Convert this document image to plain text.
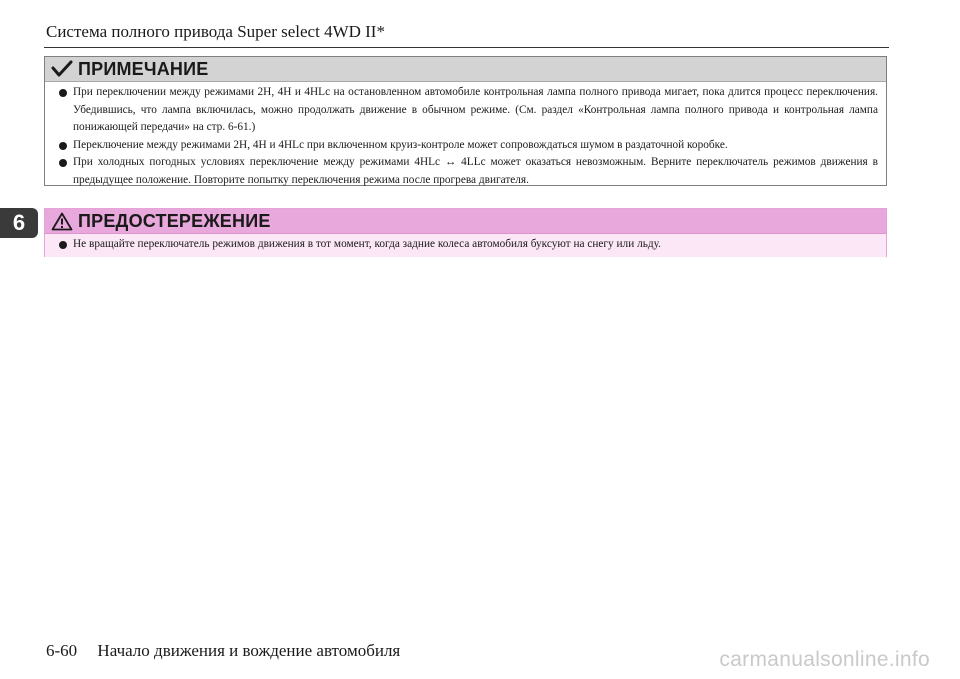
Система полного привода Super select 4WD II*
6
ПРИМЕЧАНИЕ
При переключении между режимами 2H, 4H и 4HLc на остановленном автомобиле контрольная лампа полного привода мигает, пока длится процесс переключения. Убедившись, что лампа включилась, можно продолжать движение в обычном режиме. (См. раздел «Контрольная лампа полного привода и контрольная лампа понижающей передачи» на стр. 6-61.)
Переключение между режимами 2H, 4H и 4HLc при включенном круиз-контроле может сопровождаться шумом в раздаточной коробке.
При холодных погодных условиях переключение между режимами 4HLc ↔ 4LLc может оказаться невозможным. Верните переключатель режимов движения в предыдущее положение. Повторите попытку переключения режима после прогрева двигателя.
ПРЕДОСТЕРЕЖЕНИЕ
Не вращайте переключатель режимов движения в тот момент, когда задние колеса автомобиля буксуют на снегу или льду.
6-60 Начало движения и вождение автомобиля	carmanualsonline.info
